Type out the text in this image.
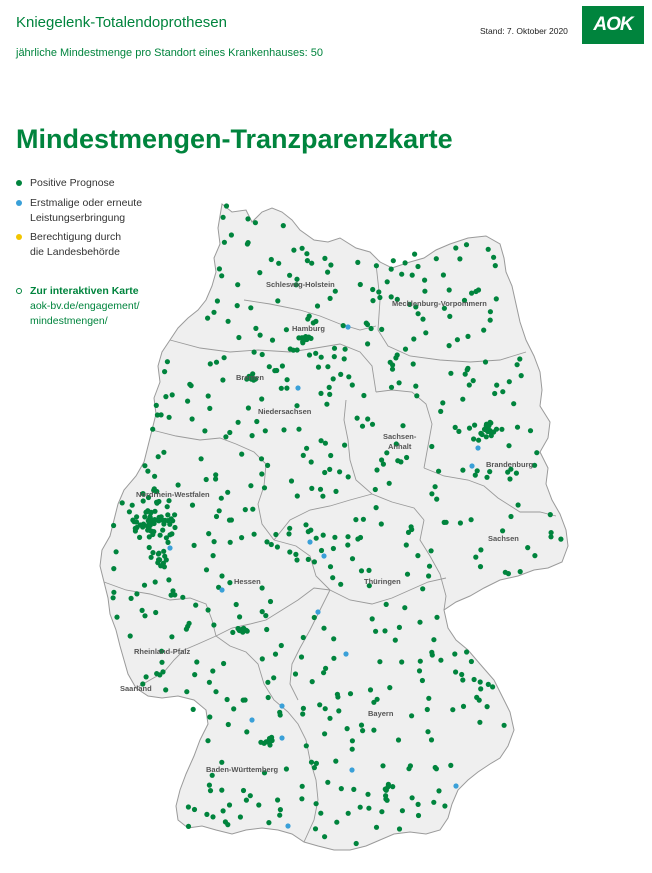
Kniegelenk-Totalendoprothesen
jährliche Mindestmenge pro Standort eines Krankenhauses: 50
Stand: 7. Oktober 2020	AOK
Mindestmengen-Tranzparenzkarte
Positive Prognose
Erstmalige oder erneute
Leistungserbringung
Berechtigung durch
die Landesbehörde
Zur interaktiven Karte
aok-bv.de/engagement/
mindestmengen/
Schleswig-Holstein
Hamburg
Mecklenburg-Vorpommern
Bremen
Niedersachsen
Sachsen-
Anhalt
Brandenburg
Nordrhein-Westfalen
Sachsen
Hessen	Thüringen
Rheinland-Pfalz
Saarland
Bayern
Baden-Württemberg
